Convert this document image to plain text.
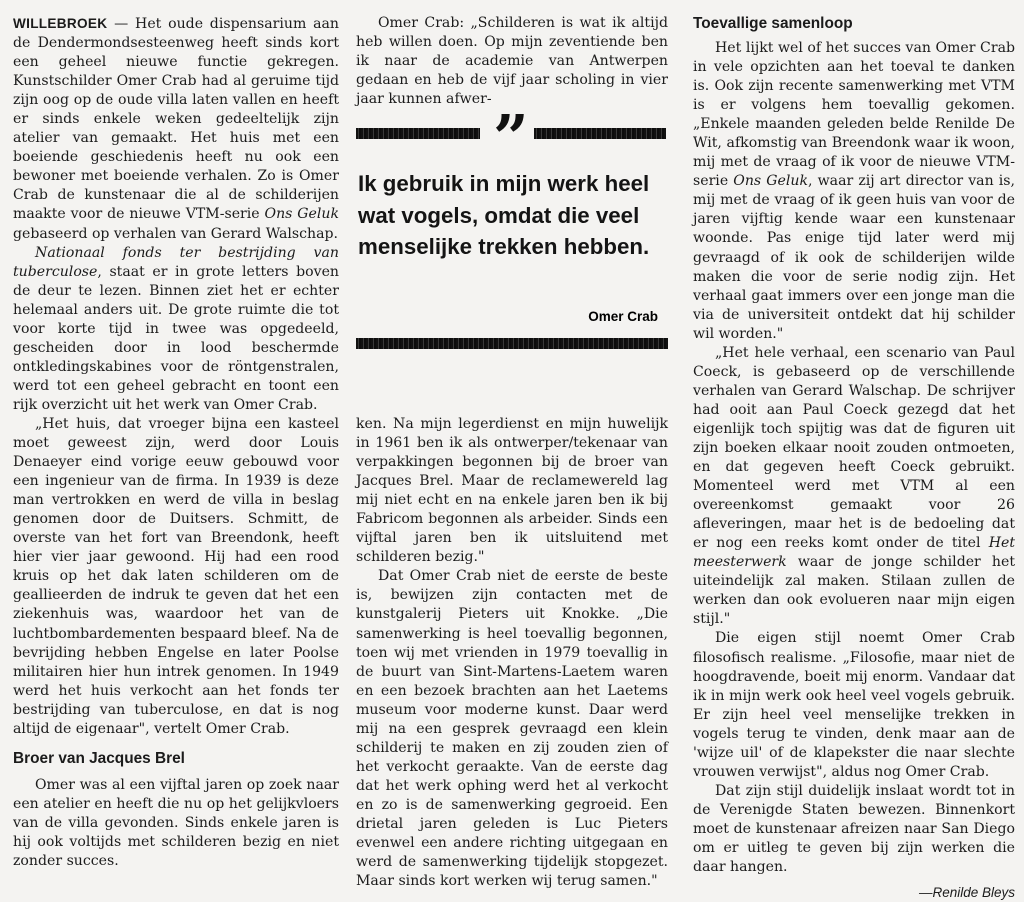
WILLEBROEK — Het oude dispensarium aan de Dendermondsesteenweg heeft sinds kort een geheel nieuwe functie gekregen. Kunstschilder Omer Crab had al geruime tijd zijn oog op de oude villa laten vallen en heeft er sinds enkele weken gedeeltelijk zijn atelier van gemaakt. Het huis met een boeiende geschiedenis heeft nu ook een bewoner met boeiende verhalen. Zo is Omer Crab de kunstenaar die al de schilderijen maakte voor de nieuwe VTM-serie Ons Geluk gebaseerd op verhalen van Gerard Walschap.

Nationaal fonds ter bestrijding van tuberculose, staat er in grote letters boven de deur te lezen. Binnen ziet het er echter helemaal anders uit. De grote ruimte die tot voor korte tijd in twee was opgedeeld, gescheiden door in lood beschermde ontkledingskabines voor de röntgenstralen, werd tot een geheel gebracht en toont een rijk overzicht uit het werk van Omer Crab.

„Het huis, dat vroeger bijna een kasteel moet geweest zijn, werd door Louis Denaeyer eind vorige eeuw gebouwd voor een ingenieur van de firma. In 1939 is deze man vertrokken en werd de villa in beslag genomen door de Duitsers. Schmitt, de overste van het fort van Breendonk, heeft hier vier jaar gewoond. Hij had een rood kruis op het dak laten schilderen om de geallieerden de indruk te geven dat het een ziekenhuis was, waardoor het van de luchtbombardementen bespaard bleef. Na de bevrijding hebben Engelse en later Poolse militairen hier hun intrek genomen. In 1949 werd het huis verkocht aan het fonds ter bestrijding van tuberculose, en dat is nog altijd de eigenaar", vertelt Omer Crab.

Broer van Jacques Brel

Omer was al een vijftal jaren op zoek naar een atelier en heeft die nu op het gelijkvloers van de villa gevonden. Sinds enkele jaren is hij ook voltijds met schilderen bezig en niet zonder succes.

Omer Crab: „Schilderen is wat ik altijd heb willen doen. Op mijn zeventiende ben ik naar de academie van Antwerpen gedaan en heb de vijf jaar scholing in vier jaar kunnen afwer-

”
Ik gebruik in mijn werk heel wat vogels, omdat die veel menselijke trekken hebben.
Omer Crab

ken. Na mijn legerdienst en mijn huwelijk in 1961 ben ik als ontwerper/tekenaar van verpakkingen begonnen bij de broer van Jacques Brel. Maar de reclamewereld lag mij niet echt en na enkele jaren ben ik bij Fabricom begonnen als arbeider. Sinds een vijftal jaren ben ik uitsluitend met schilderen bezig."

Dat Omer Crab niet de eerste de beste is, bewijzen zijn contacten met de kunstgalerij Pieters uit Knokke. „Die samenwerking is heel toevallig begonnen, toen wij met vrienden in 1979 toevallig in de buurt van Sint-Martens-Laetem waren en een bezoek brachten aan het Laetems museum voor moderne kunst. Daar werd mij na een gesprek gevraagd een klein schilderij te maken en zij zouden zien of het verkocht geraakte. Van de eerste dag dat het werk ophing werd het al verkocht en zo is de samenwerking gegroeid. Een drietal jaren geleden is Luc Pieters evenwel een andere richting uitgegaan en werd de samenwerking tijdelijk stopgezet. Maar sinds kort werken wij terug samen."

Toevallige samenloop

Het lijkt wel of het succes van Omer Crab in vele opzichten aan het toeval te danken is. Ook zijn recente samenwerking met VTM is er volgens hem toevallig gekomen. „Enkele maanden geleden belde Renilde De Wit, afkomstig van Breendonk waar ik woon, mij met de vraag of ik voor de nieuwe VTM-serie Ons Geluk, waar zij art director van is, mij met de vraag of ik geen huis van voor de jaren vijftig kende waar een kunstenaar woonde. Pas enige tijd later werd mij gevraagd of ik ook de schilderijen wilde maken die voor de serie nodig zijn. Het verhaal gaat immers over een jonge man die via de universiteit ontdekt dat hij schilder wil worden."

„Het hele verhaal, een scenario van Paul Coeck, is gebaseerd op de verschillende verhalen van Gerard Walschap. De schrijver had ooit aan Paul Coeck gezegd dat het eigenlijk toch spijtig was dat de figuren uit zijn boeken elkaar nooit zouden ontmoeten, en dat gegeven heeft Coeck gebruikt. Momenteel werd met VTM al een overeenkomst gemaakt voor 26 afleveringen, maar het is de bedoeling dat er nog een reeks komt onder de titel Het meesterwerk waar de jonge schilder het uiteindelijk zal maken. Stilaan zullen de werken dan ook evolueren naar mijn eigen stijl."

Die eigen stijl noemt Omer Crab filosofisch realisme. „Filosofie, maar niet de hoogdravende, boeit mij enorm. Vandaar dat ik in mijn werk ook heel veel vogels gebruik. Er zijn heel veel menselijke trekken in vogels terug te vinden, denk maar aan de 'wijze uil' of de klapekster die naar slechte vrouwen verwijst", aldus nog Omer Crab.

Dat zijn stijl duidelijk inslaat wordt tot in de Verenigde Staten bewezen. Binnenkort moet de kunstenaar afreizen naar San Diego om er uitleg te geven bij zijn werken die daar hangen.

—Renilde Bleys
